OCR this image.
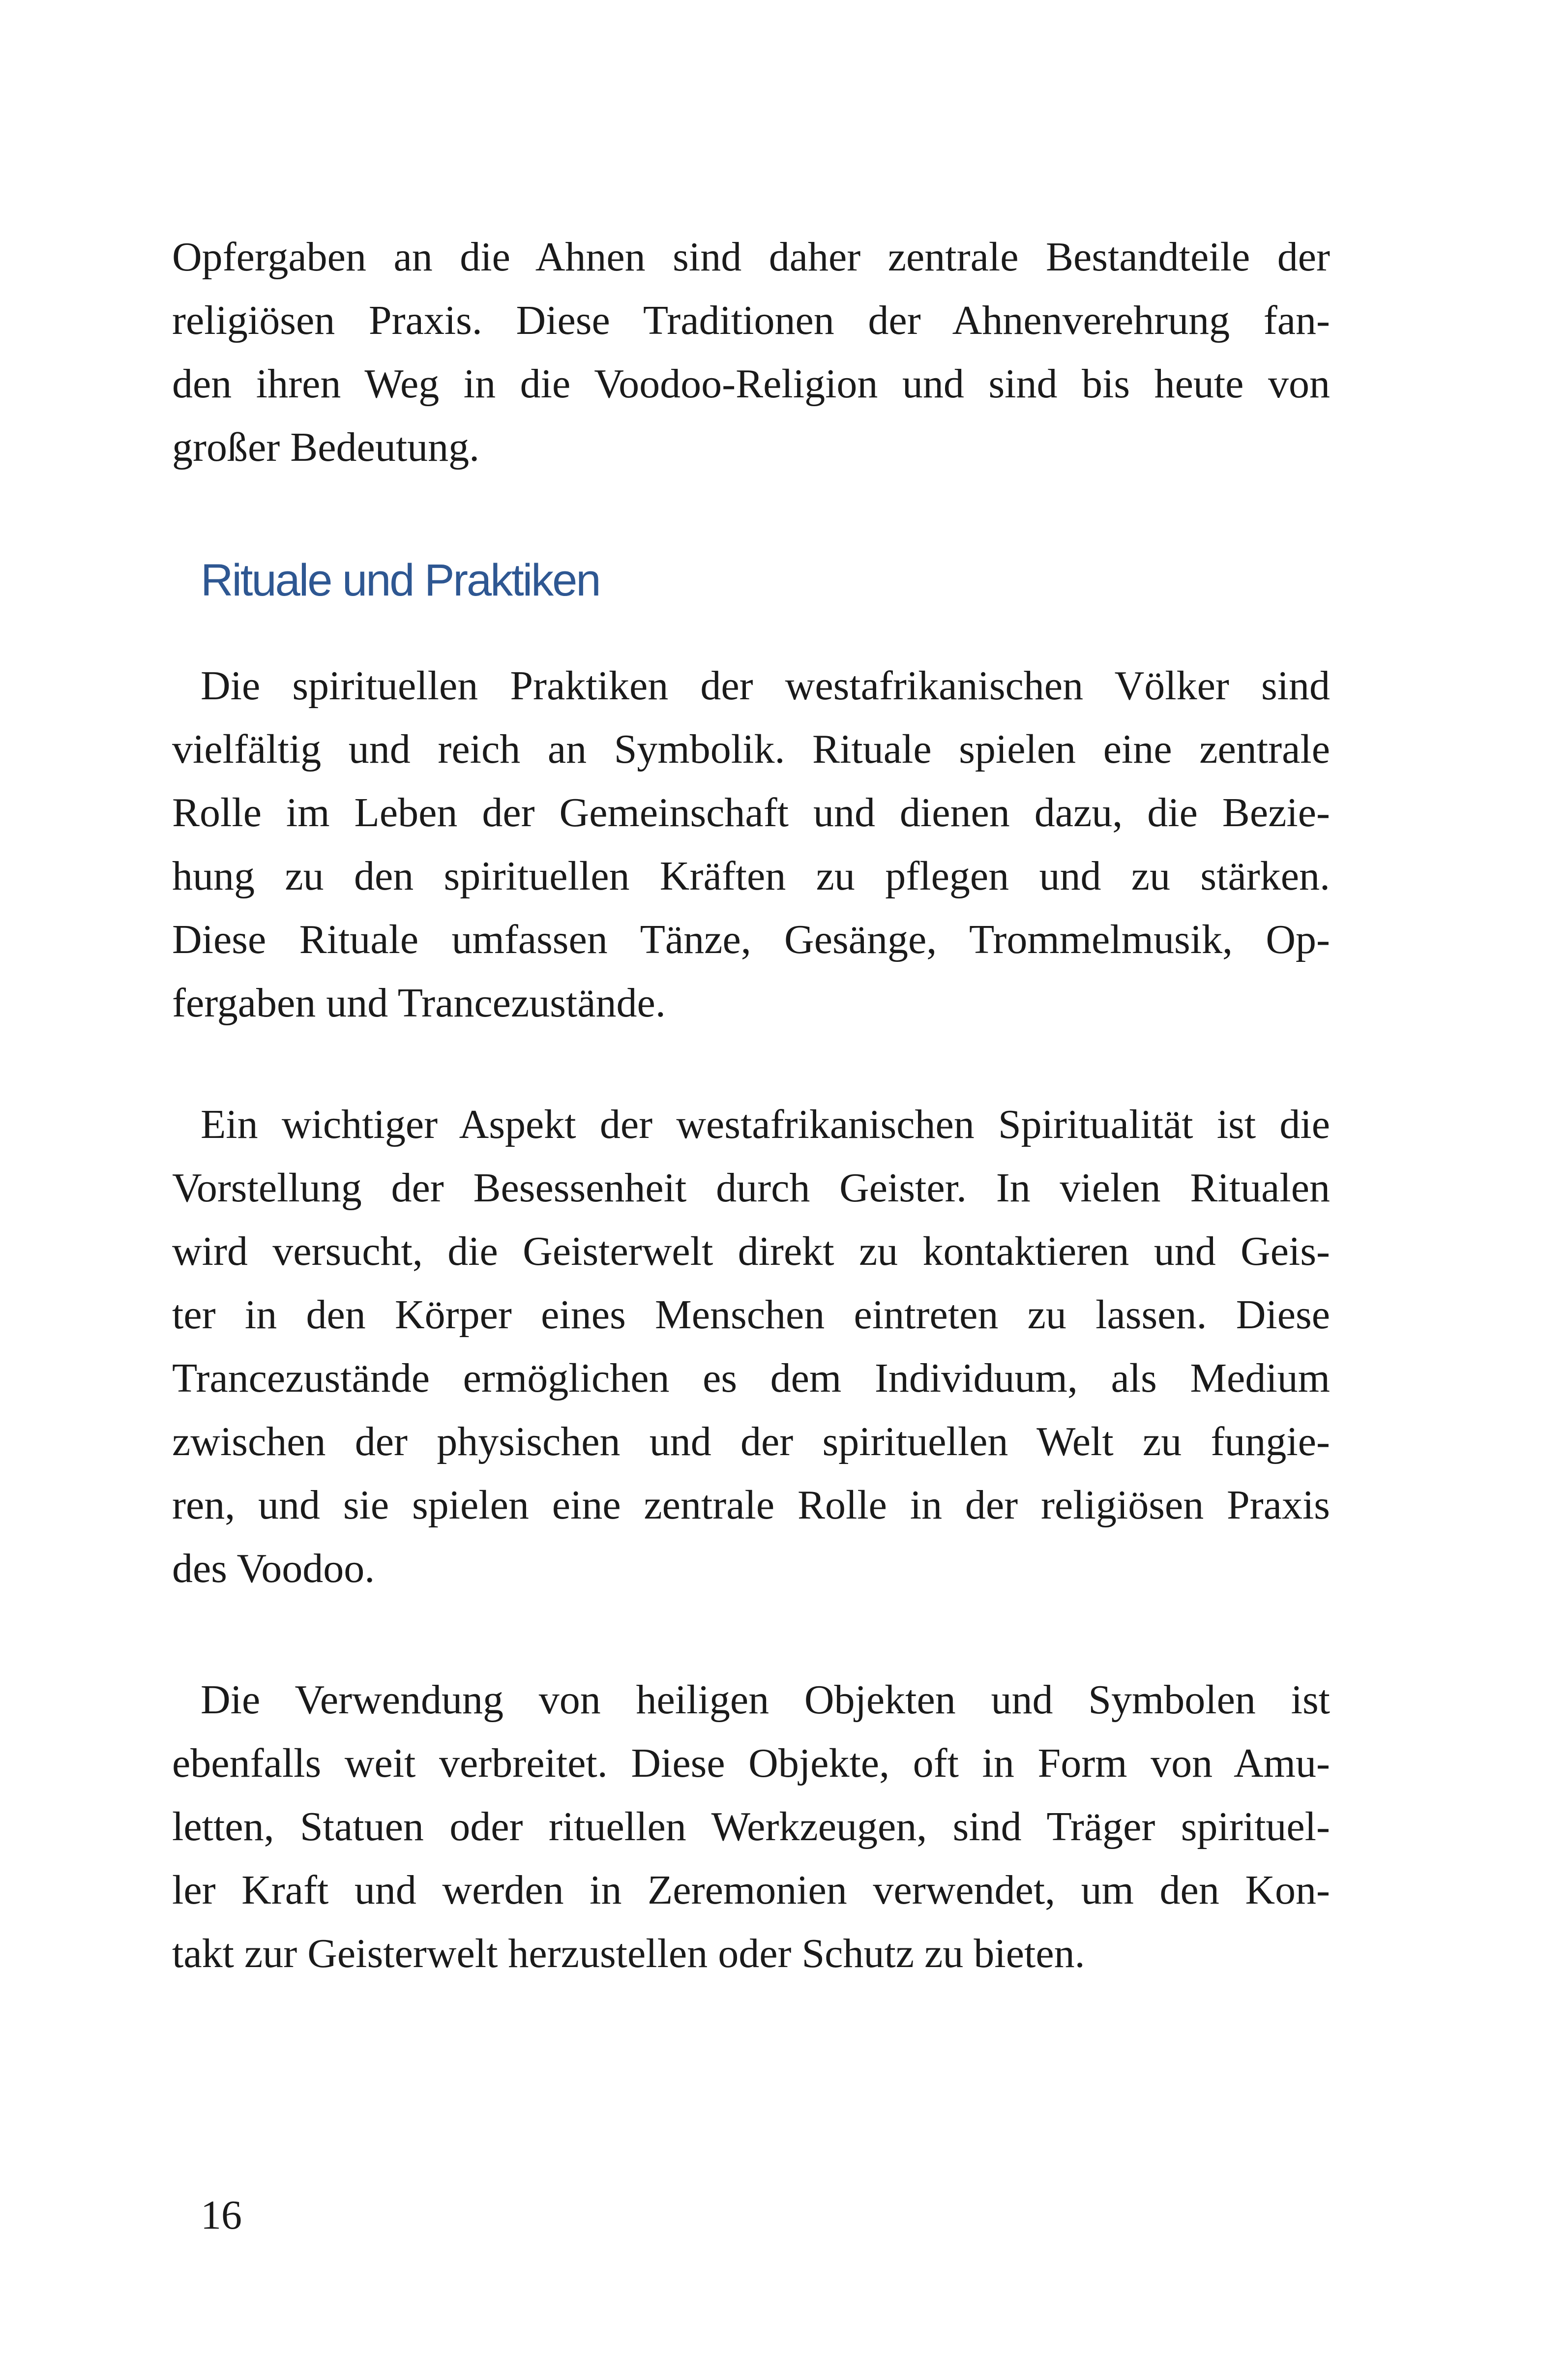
Opfergaben an die Ahnen sind daher zentrale Bestandteile der
religiösen Praxis. Diese Traditionen der Ahnenverehrung fan-
den ihren Weg in die Voodoo-Religion und sind bis heute von
großer Bedeutung.

Rituale und Praktiken

Die spirituellen Praktiken der westafrikanischen Völker sind
vielfältig und reich an Symbolik. Rituale spielen eine zentrale
Rolle im Leben der Gemeinschaft und dienen dazu, die Bezie-
hung zu den spirituellen Kräften zu pflegen und zu stärken.
Diese Rituale umfassen Tänze, Gesänge, Trommelmusik, Op-
fergaben und Trancezustände.

Ein wichtiger Aspekt der westafrikanischen Spiritualität ist die
Vorstellung der Besessenheit durch Geister. In vielen Ritualen
wird versucht, die Geisterwelt direkt zu kontaktieren und Geis-
ter in den Körper eines Menschen eintreten zu lassen. Diese
Trancezustände ermöglichen es dem Individuum, als Medium
zwischen der physischen und der spirituellen Welt zu fungie-
ren, und sie spielen eine zentrale Rolle in der religiösen Praxis
des Voodoo.

Die Verwendung von heiligen Objekten und Symbolen ist
ebenfalls weit verbreitet. Diese Objekte, oft in Form von Amu-
letten, Statuen oder rituellen Werkzeugen, sind Träger spirituel-
ler Kraft und werden in Zeremonien verwendet, um den Kon-
takt zur Geisterwelt herzustellen oder Schutz zu bieten.

16
